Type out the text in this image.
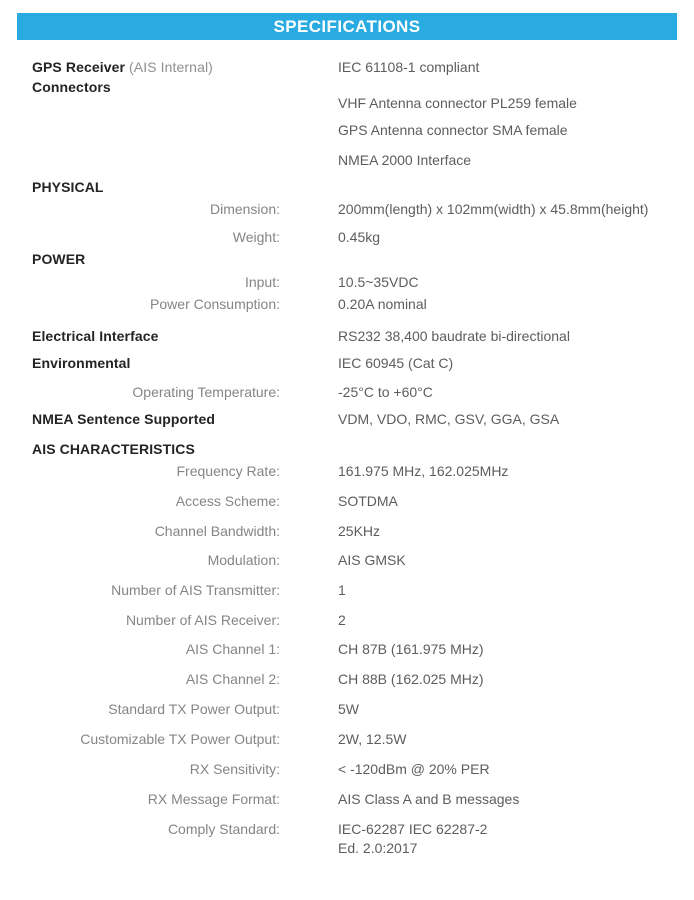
SPECIFICATIONS
GPS Receiver (AIS Internal)	IEC 61108-1 compliant
Connectors
VHF Antenna connector PL259 female
GPS Antenna connector SMA female
NMEA 2000 Interface
PHYSICAL
Dimension:	200mm(length) x 102mm(width) x 45.8mm(height)
Weight:	0.45kg
POWER
Input:	10.5~35VDC
Power Consumption:	0.20A nominal
Electrical Interface	RS232 38,400 baudrate bi-directional
Environmental	IEC 60945 (Cat C)
Operating Temperature:	-25°C to +60°C
NMEA Sentence Supported	VDM, VDO, RMC, GSV, GGA, GSA
AIS CHARACTERISTICS
Frequency Rate:	161.975 MHz, 162.025MHz
Access Scheme:	SOTDMA
Channel Bandwidth:	25KHz
Modulation:	AIS GMSK
Number of AIS Transmitter:	1
Number of AIS Receiver:	2
AIS Channel 1:	CH 87B (161.975 MHz)
AIS Channel 2:	CH 88B (162.025 MHz)
Standard TX Power Output:	5W
Customizable TX Power Output:	2W, 12.5W
RX Sensitivity:	< -120dBm @ 20% PER
RX Message Format:	AIS Class A and B messages
Comply Standard:	IEC-62287 IEC 62287-2
Ed. 2.0:2017
